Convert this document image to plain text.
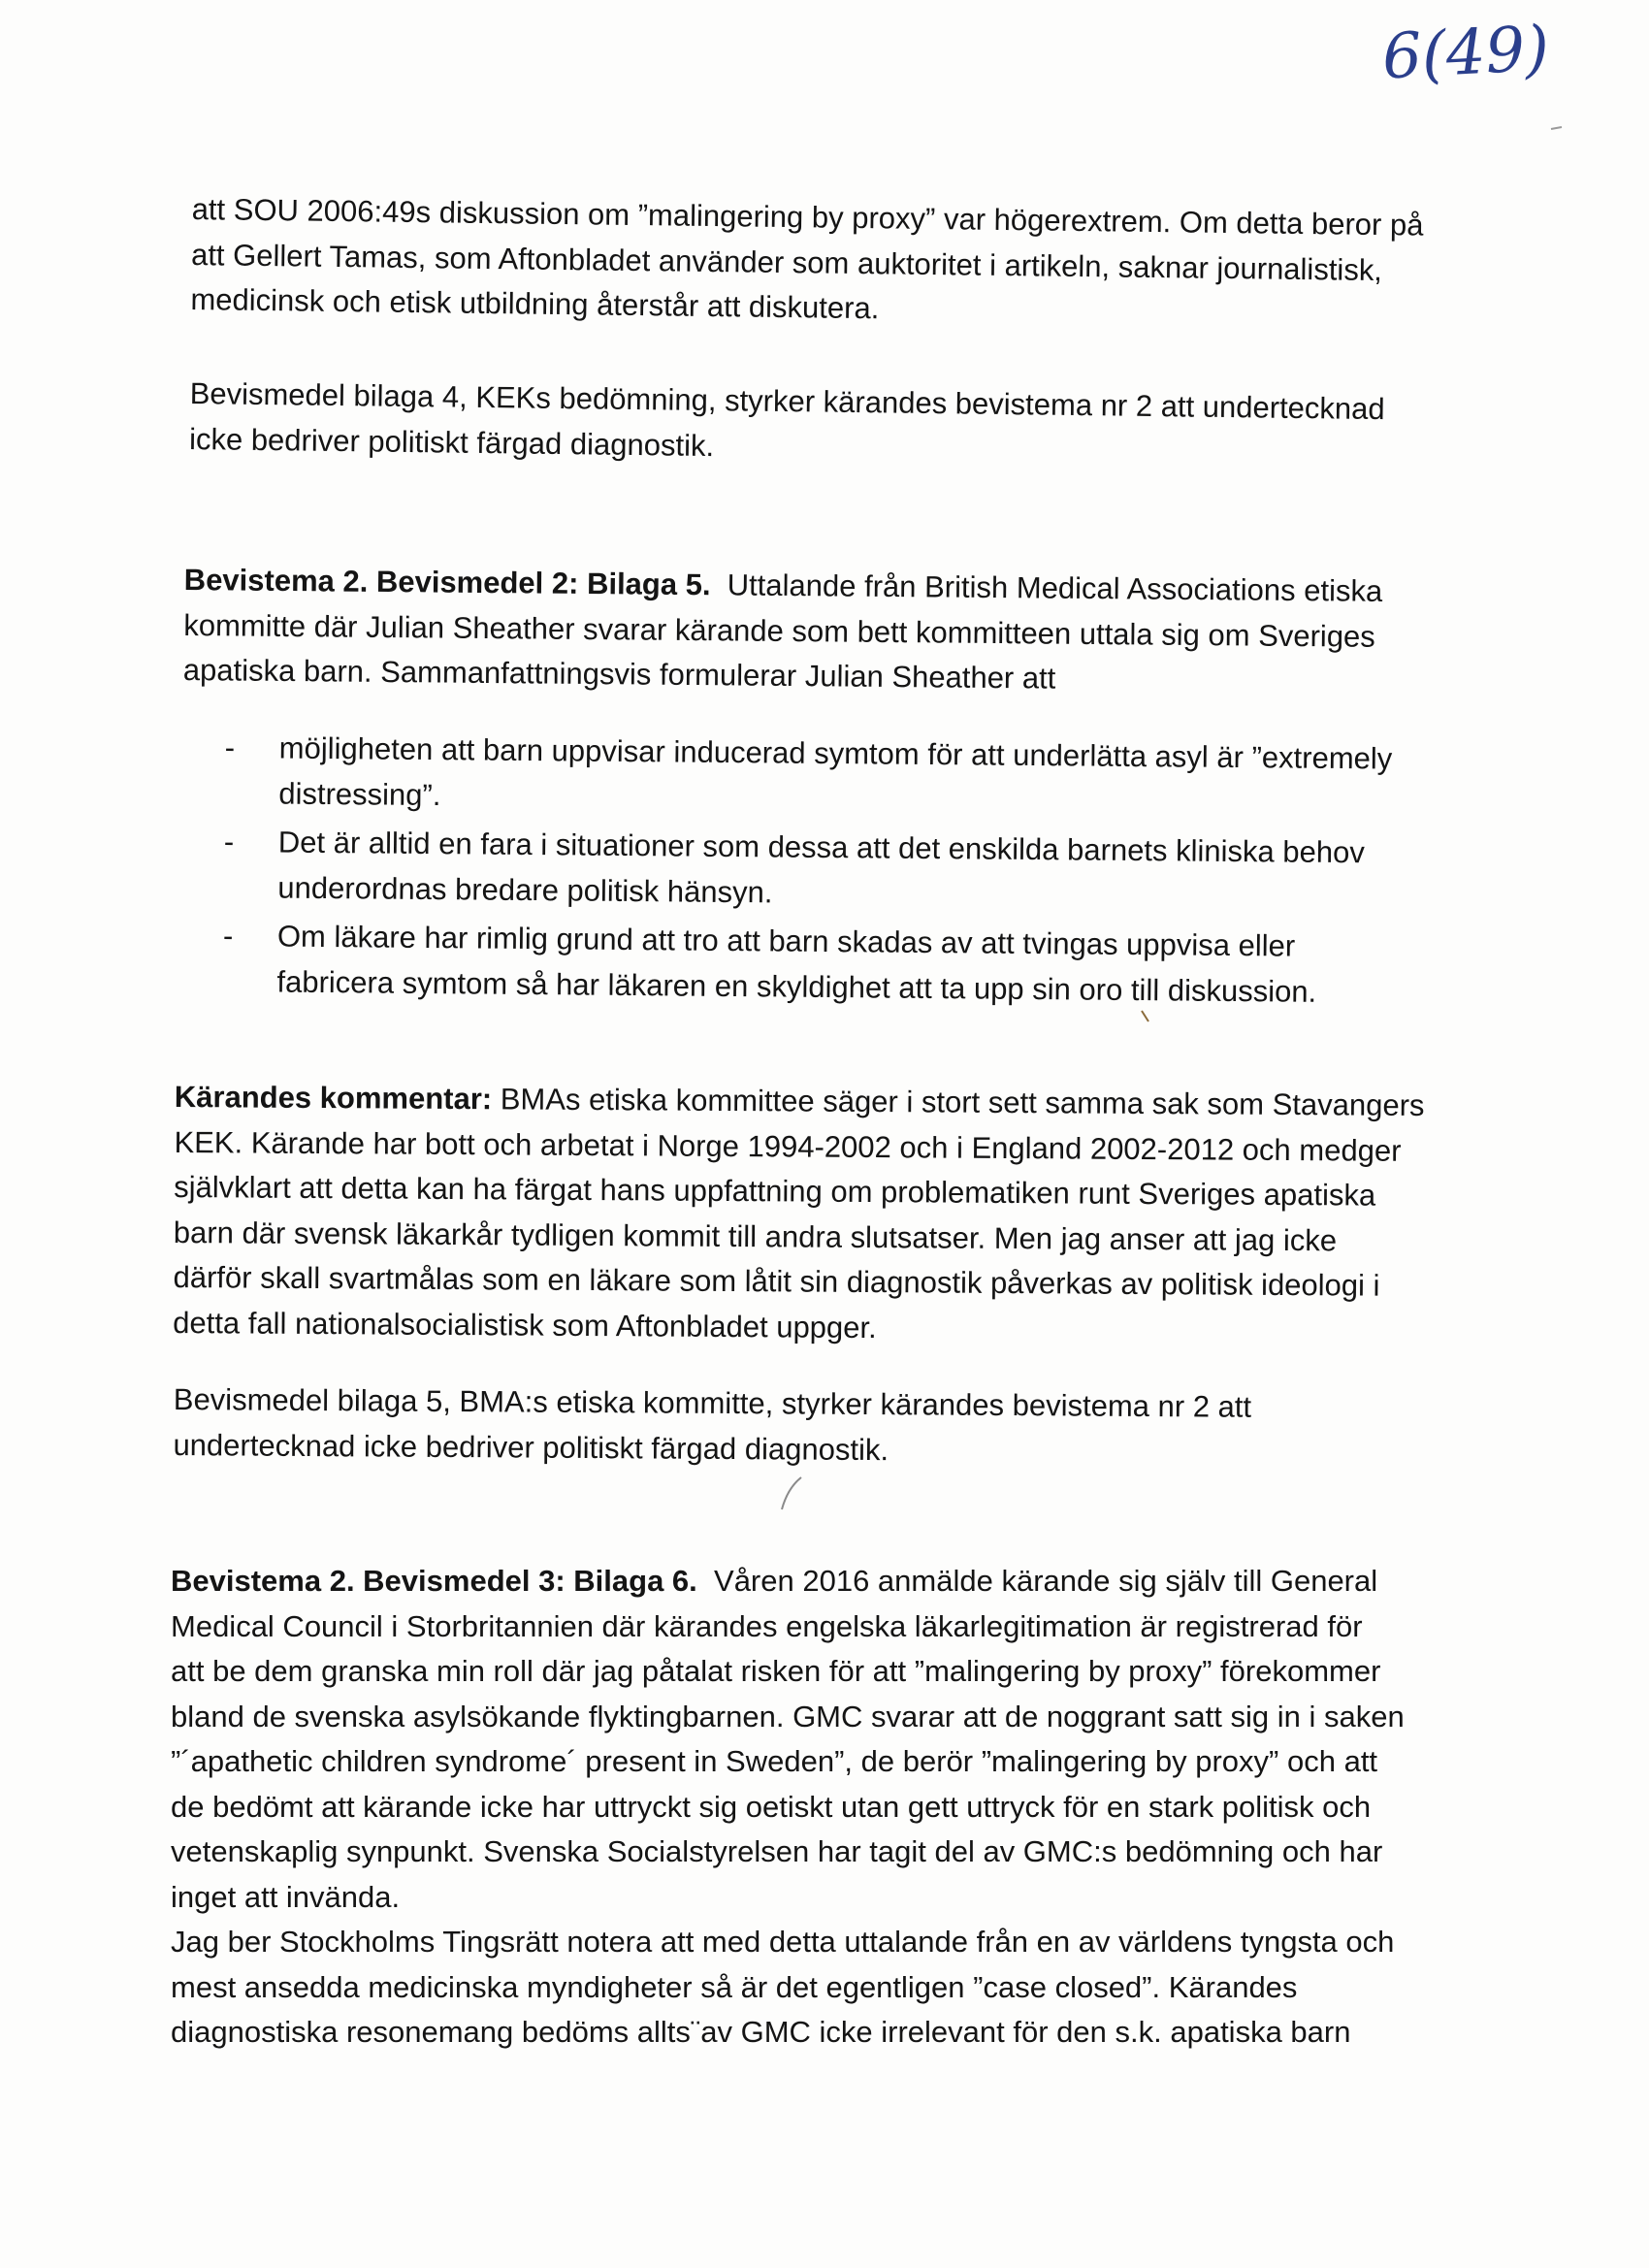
6(49)
att SOU 2006:49s diskussion om ”malingering by proxy” var högerextrem. Om detta beror på
att Gellert Tamas, som Aftonbladet använder som auktoritet i artikeln, saknar journalistisk,
medicinsk och etisk utbildning återstår att diskutera.
Bevismedel bilaga 4, KEKs bedömning, styrker kärandes bevistema nr 2 att undertecknad
icke bedriver politiskt färgad diagnostik.
Bevistema 2. Bevismedel 2: Bilaga 5. Uttalande från British Medical Associations etiska
kommitte där Julian Sheather svarar kärande som bett kommitteen uttala sig om Sveriges
apatiska barn. Sammanfattningsvis formulerar Julian Sheather att
- möjligheten att barn uppvisar inducerad symtom för att underlätta asyl är ”extremely
distressing”.
- Det är alltid en fara i situationer som dessa att det enskilda barnets kliniska behov
underordnas bredare politisk hänsyn.
- Om läkare har rimlig grund att tro att barn skadas av att tvingas uppvisa eller
fabricera symtom så har läkaren en skyldighet att ta upp sin oro till diskussion.
Kärandes kommentar: BMAs etiska kommittee säger i stort sett samma sak som Stavangers
KEK. Kärande har bott och arbetat i Norge 1994-2002 och i England 2002-2012 och medger
självklart att detta kan ha färgat hans uppfattning om problematiken runt Sveriges apatiska
barn där svensk läkarkår tydligen kommit till andra slutsatser. Men jag anser att jag icke
därför skall svartmålas som en läkare som låtit sin diagnostik påverkas av politisk ideologi i
detta fall nationalsocialistisk som Aftonbladet uppger.
Bevismedel bilaga 5, BMA:s etiska kommitte, styrker kärandes bevistema nr 2 att
undertecknad icke bedriver politiskt färgad diagnostik.
Bevistema 2. Bevismedel 3: Bilaga 6. Våren 2016 anmälde kärande sig själv till General
Medical Council i Storbritannien där kärandes engelska läkarlegitimation är registrerad för
att be dem granska min roll där jag påtalat risken för att ”malingering by proxy” förekommer
bland de svenska asylsökande flyktingbarnen. GMC svarar att de noggrant satt sig in i saken
”´apathetic children syndrome´ present in Sweden”, de berör ”malingering by proxy” och att
de bedömt att kärande icke har uttryckt sig oetiskt utan gett uttryck för en stark politisk och
vetenskaplig synpunkt. Svenska Socialstyrelsen har tagit del av GMC:s bedömning och har
inget att invända.
Jag ber Stockholms Tingsrätt notera att med detta uttalande från en av världens tyngsta och
mest ansedda medicinska myndigheter så är det egentligen ”case closed”. Kärandes
diagnostiska resonemang bedöms allts¨av GMC icke irrelevant för den s.k. apatiska barn
